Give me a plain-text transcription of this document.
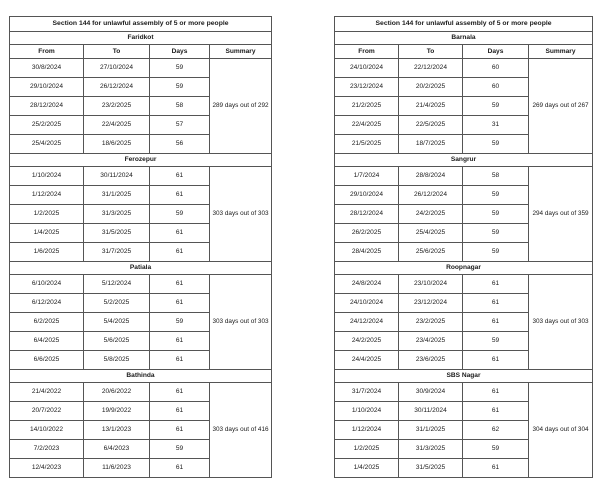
Section 144 for unlawful assembly of 5 or more people			
Faridkot			
From	To	Days	Summary
30/8/2024	27/10/2024	59	289 days out of 292
29/10/2024	26/12/2024	59	
28/12/2024	23/2/2025	58	
25/2/2025	22/4/2025	57	
25/4/2025	18/6/2025	56	
Ferozepur			
1/10/2024	30/11/2024	61	303 days out of 303
1/12/2024	31/1/2025	61	
1/2/2025	31/3/2025	59	
1/4/2025	31/5/2025	61	
1/6/2025	31/7/2025	61	
Patiala			
6/10/2024	5/12/2024	61	303 days out of 303
6/12/2024	5/2/2025	61	
6/2/2025	5/4/2025	59	
6/4/2025	5/6/2025	61	
6/6/2025	5/8/2025	61	
Bathinda			
21/4/2022	20/6/2022	61	303 days out of 416
20/7/2022	19/9/2022	61	
14/10/2022	13/1/2023	61	
7/2/2023	6/4/2023	59	
12/4/2023	11/6/2023	61	
Section 144 for unlawful assembly of 5 or more people			
Barnala			
From	To	Days	Summary
24/10/2024	22/12/2024	60	269 days out of 267
23/12/2024	20/2/2025	60	
21/2/2025	21/4/2025	59	
22/4/2025	22/5/2025	31	
21/5/2025	18/7/2025	59	
Sangrur			
1/7/2024	28/8/2024	58	294 days out of 359
29/10/2024	26/12/2024	59	
28/12/2024	24/2/2025	59	
26/2/2025	25/4/2025	59	
28/4/2025	25/6/2025	59	
Roopnagar			
24/8/2024	23/10/2024	61	303 days out of 303
24/10/2024	23/12/2024	61	
24/12/2024	23/2/2025	61	
24/2/2025	23/4/2025	59	
24/4/2025	23/6/2025	61	
SBS Nagar			
31/7/2024	30/9/2024	61	304 days out of 304
1/10/2024	30/11/2024	61	
1/12/2024	31/1/2025	62	
1/2/2025	31/3/2025	59	
1/4/2025	31/5/2025	61	
